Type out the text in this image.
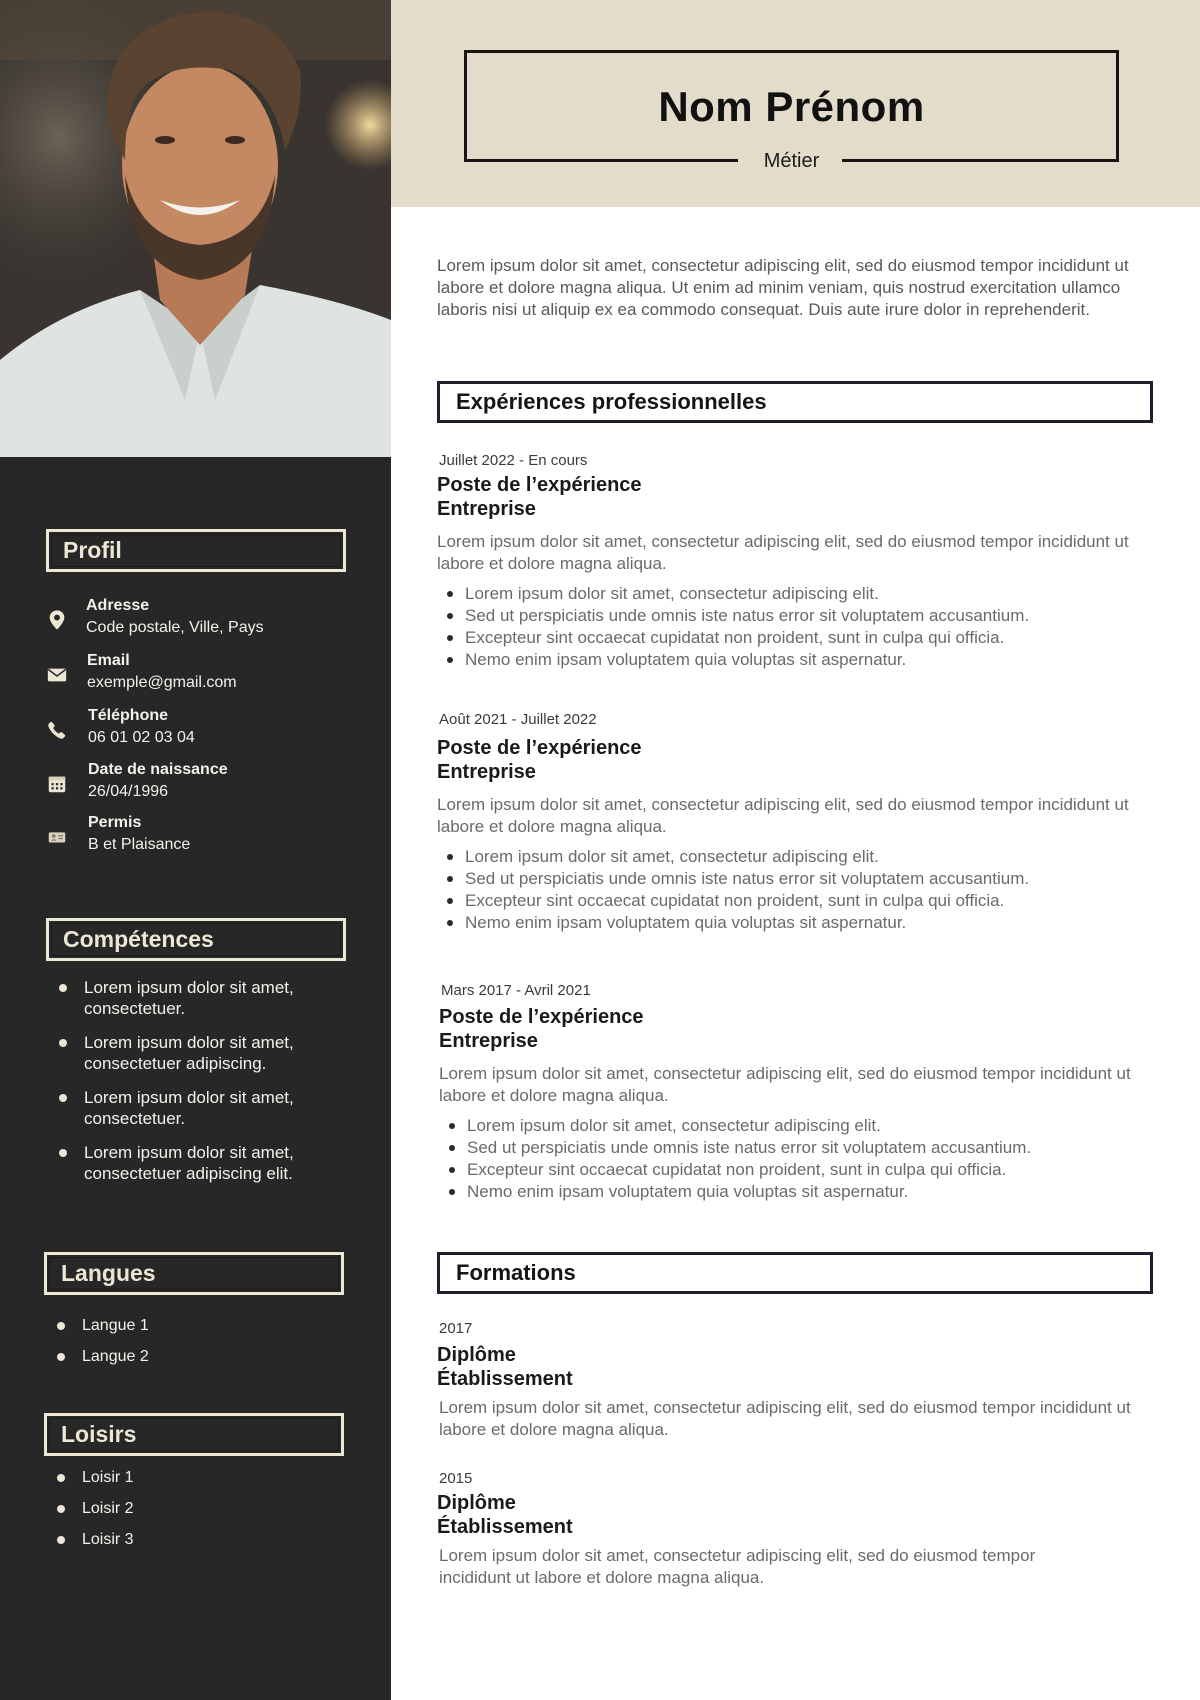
Profil
Adresse
Code postale, Ville, Pays
Email
exemple@gmail.com
Téléphone
06 01 02 03 04
Date de naissance
26/04/1996
Permis
B et Plaisance
Compétences
Lorem ipsum dolor sit amet, consectetuer.
Lorem ipsum dolor sit amet, consectetuer adipiscing.
Lorem ipsum dolor sit amet, consectetuer.
Lorem ipsum dolor sit amet, consectetuer adipiscing elit.
Langues
Langue 1
Langue 2
Loisirs
Loisir 1
Loisir 2
Loisir 3
Nom Prénom
Métier

Lorem ipsum dolor sit amet, consectetur adipiscing elit, sed do eiusmod tempor incididunt ut labore et dolore magna aliqua. Ut enim ad minim veniam, quis nostrud exercitation ullamco laboris nisi ut aliquip ex ea commodo consequat. Duis aute irure dolor in reprehenderit.

Expériences professionnelles
Juillet 2022 - En cours
Poste de l’expérience
Entreprise

Lorem ipsum dolor sit amet, consectetur adipiscing elit, sed do eiusmod tempor incididunt ut labore et dolore magna aliqua.

Lorem ipsum dolor sit amet, consectetur adipiscing elit.
Sed ut perspiciatis unde omnis iste natus error sit voluptatem accusantium.
Excepteur sint occaecat cupidatat non proident, sunt in culpa qui officia.
Nemo enim ipsam voluptatem quia voluptas sit aspernatur.
Août 2021 - Juillet 2022
Poste de l’expérience
Entreprise

Lorem ipsum dolor sit amet, consectetur adipiscing elit, sed do eiusmod tempor incididunt ut labore et dolore magna aliqua.

Lorem ipsum dolor sit amet, consectetur adipiscing elit.
Sed ut perspiciatis unde omnis iste natus error sit voluptatem accusantium.
Excepteur sint occaecat cupidatat non proident, sunt in culpa qui officia.
Nemo enim ipsam voluptatem quia voluptas sit aspernatur.
Mars 2017 - Avril 2021
Poste de l’expérience
Entreprise

Lorem ipsum dolor sit amet, consectetur adipiscing elit, sed do eiusmod tempor incididunt ut labore et dolore magna aliqua.

Lorem ipsum dolor sit amet, consectetur adipiscing elit.
Sed ut perspiciatis unde omnis iste natus error sit voluptatem accusantium.
Excepteur sint occaecat cupidatat non proident, sunt in culpa qui officia.
Nemo enim ipsam voluptatem quia voluptas sit aspernatur.
Formations
2017
Diplôme
Établissement

Lorem ipsum dolor sit amet, consectetur adipiscing elit, sed do eiusmod tempor incididunt ut labore et dolore magna aliqua.

2015
Diplôme
Établissement

Lorem ipsum dolor sit amet, consectetur adipiscing elit, sed do eiusmod tempor incididunt ut labore et dolore magna aliqua.
